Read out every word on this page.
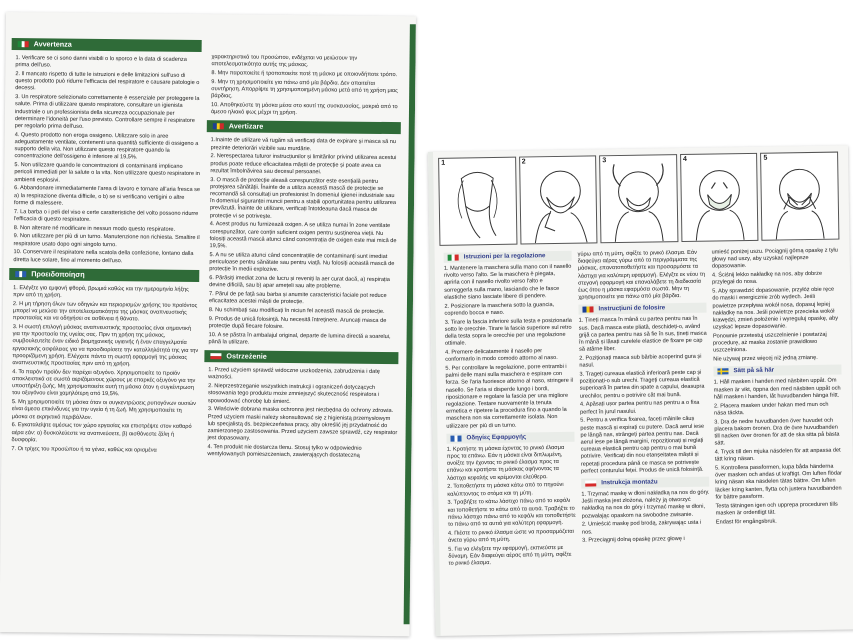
Avvertenza

1. Verificare se ci sono danni visibili o lo sporco e la data di scadenza prima dell'uso.

2. Il mancato rispetto di tutte le istruzioni e delle limitazioni sull'uso di questo prodotto può ridurre l'efficacia del respiratore e causare patologie o decessi.

3. Un respiratore selezionato correttamente è essenziale per proteggere la salute. Prima di utilizzare questo respiratore, consultare un igienista industriale o un professionista della sicurezza occupazionale per determinare l'idoneità per l'uso previsto. Controllare sempre il respiratore per regolarlo prima dell'uso.

4. Questo prodotto non eroga ossigeno. Utilizzare solo in aree adeguatamente ventilate, contenenti una quantità sufficiente di ossigeno a supporto della vita. Non utilizzare questo respiratore quando la concentrazione dell'ossigeno è inferiore al 19,5%.

5. Non utilizzare quando le concentrazioni di contaminanti implicano pericoli immediati per la salute o la vita. Non utilizzare questo respiratore in ambienti esplosivi.

6. Abbandonare immediatamente l'area di lavoro e tornare all'aria fresca se a) la respirazione diventa difficile, o b) se si verificano vertigini o altre forme di malessere.

7. La barba o i peli del viso e certe caratteristiche del volto possono ridurre l'efficacia di questo respiratore.

8. Non alterare né modificare in nessun modo questo respiratore.

9. Non utilizzare per più di un turno. Manutenzione non richiesta. Smaltire il respiratore usato dopo ogni singolo turno.

10. Conservare il respiratore nella scatola della confezione, lontano dalla diretta luce solare, fino al momento dell'uso.

Προειδοποίηση

1. Ελέγξτε για εμφανή φθορά, βρωμιά καθώς και την ημερομηνία λήξης πριν από τη χρήση.

2. Η μη τήρηση όλων των οδηγιών και περιορισμών χρήσης του προϊόντος μπορεί να μειώσει την αποτελεσματικότητα της μάσκας αναπνευστικής προστασίας και να οδηγήσει σε ασθένεια ή θάνατο.

3. Η σωστή επιλογή μάσκας αναπνευστικής προστασίας είναι σημαντική για την προστασία της υγείας σας. Πριν τη χρήση της μάσκας, συμβουλευτείτε έναν ειδικό βιομηχανικής υγιεινής ή έναν επαγγελματία εργασιακής ασφάλειας για να προσδιορίσετε την καταλληλότητά της για την προοριζόμενη χρήση. Ελέγχετε πάντα τη σωστή εφαρμογή της μάσκας αναπνευστικής προστασίας πριν από τη χρήση.

4. Το παρόν προϊόν δεν παρέχει οξυγόνο. Χρησιμοποιείτε το προϊόν αποκλειστικά σε σωστά αεριζόμενους χώρους με επαρκές οξυγόνο για την υποστήριξη ζωής. Μη χρησιμοποιείτε αυτή τη μάσκα όταν η συγκέντρωση του οξυγόνου είναι χαμηλότερη από 19,5%.

5. Μη χρησιμοποιείτε τη μάσκα όταν οι συγκεντρώσεις ρυπογόνων ουσιών είναι άμεσα επικίνδυνες για την υγεία ή τη ζωή. Μη χρησιμοποιείτε τη μάσκα σε εκρηκτικό περιβάλλον.

6. Εγκαταλείψτε αμέσως τον χώρο εργασίας και επιστρέψτε στον καθαρό αέρα εάν: α) δυσκολεύεστε να αναπνεύσετε, β) αισθάνεστε ζάλη ή δυσφορία.

7. Οι τρίχες του προσώπου ή τα γένια, καθώς και ορισμένα

χαρακτηριστικά του προσώπου, ενδέχεται να μειώσουν την αποτελεσματικότητα αυτής της μάσκας.

8. Μην παραποιείτε ή τροποποιείτε ποτέ τη μάσκα με οποιονδήποτε τρόπο.

9. Μην τη χρησιμοποιείτε για πάνω από μία βάρδια. Δεν απαιτείται συντήρηση. Απορρίψτε τη χρησιμοποιημένη μάσκα μετά από τη χρήση μιας βάρδιας.

10. Αποθηκεύστε τη μάσκα μέσα στο κουτί της συσκευασίας, μακριά από το άμεσο ηλιακό φως μέχρι τη χρήση.

Avertizare

1.Inainte de utilizare vă rugăm să verificați data de expirare și masca să nu prezinte deteriorări vizibile sau murdărie.

2. Nerespectarea tuturor instrucțiunilor și limitărilor privind utilizarea acestui produs poate reduce eficacitatea măștii de protecție și poate avea ca rezultat îmbolnăvirea sau decesul persoanei.

3. O mască de protecție aleasă corespunzător este esențială pentru protejarea sănătății. Înainte de a utiliza această mască de protecție se recomandă să consultați un profesionist în domeniul igienei industriale sau în domeniul siguranței muncii pentru a stabili oportunitatea pentru utilizarea prevăzută. Înainte de utilizare, verificați întotdeauna dacă masca de protecție vi se potrivește.

4. Acest produs nu furnizează oxigen. A se utiliza numai în zone ventilate corespunzător, care conțin suficient oxigen pentru susținerea vieții. Nu folosiți această mască atunci când concentrația de oxigen este mai mică de 19,5%.

5. A nu se utiliza atunci când concentrațiile de contaminanți sunt imediat periculoase pentru sănătate sau pentru viață. Nu folosiți această mască de protecție în medii explozive.

6. Părăsiți imediat zona de lucru și reveniți la aer curat dacă, a) respirația devine dificilă, sau b) apar amețeli sau alte probleme.

7. Părul de pe față sau barba și anumite caracteristici faciale pot reduce eficacitatea acestei măști de protecție.

8. Nu schimbați sau modificați în niciun fel această mască de protecție.

9. Produs de unică folosință. Nu necesită întreținere. Aruncați masca de protecție după fiecare folosire.

10. A se păstra în ambalajul original, departe de lumina directă a soarelui, până la utilizare.

Ostrzeżenie

1. Przed użyciem sprawdź widoczne uszkodzenia, zabrudzenia i datę ważności.

2. Nieprzestrzeganie wszystkich instrukcji i ograniczeń dotyczących stosowania tego produktu może zmniejszyć skuteczność respiratora i spowodować chorobę lub śmierć.

3. Właściwie dobrana maska ochronna jest niezbędna do ochrony zdrowia. Przed użyciem maski należy skonsultować się z higienistą przemysłowym lub specjalistą ds. bezpieczeństwa pracy, aby określić jej przydatność do zamierzonego zastosowania. Przed użyciem zawsze sprawdź, czy respirator jest dopasowany.

4. Ten produkt nie dostarcza tlenu. Stosuj tylko w odpowiednio wentylowanych pomieszczeniach, zawierających dostateczną

1	2	3	4	5
Istruzioni per la regolazione

1. Mantenere la maschera sulla mano con il nasello rivolto verso l'alto. Se la maschera è piegata, aprirla con il nasello rivolto verso l'alto e sorreggerla sulla mano, lasciando che le fasce elastiche siano lasciate libere di pendere.

2. Posizionare la maschera sotto la guancia, coprendo bocca e naso.

3. Tirare la fascia inferiore sulla testa e posizionarla sotto le orecchie. Tirare la fascia superiore sul retro della testa sopra le orecchie per una regolazione ottimale.

4. Premere delicatamente il nasello per conformarlo in modo comodo attorno al naso.

5. Per controllare la regolazione, porre entrambi i palmi delle mani sulla maschera e espirare con forza. Se l'aria fuoriesce attorno al naso, stringere il nasello. Se l'aria si disperde lungo i bordi, riposizionare e regolare la fascia per una migliore regolazione. Testare nuovamente la tenuta ermetica e ripetere la procedura fino a quando la maschera non sia correttamente isolata. Non utilizzare per più di un turno.

Οδηγίες Εφαρμογής

1. Κρατήστε τη μάσκα έχοντας το ρινικό έλασμα προς τα επάνω. Εάν η μάσκα είναι διπλωμένη, ανοίξτε την έχοντας το ρινικό έλασμα προς τα επάνω και κρατήστε τη μάσκας αφήνοντας τα λάστιχα κεφαλής να κρέμονται ελεύθερα.

2. Τοποθετήστε τη μάσκα κάτω από το πηγούνι καλύπτοντας το στόμα και τη μύτη.

3. Τραβήξτε το κάτω λάστιχο πάνω από το κεφάλι και τοποθετήστε το κάτω από τα αυτιά. Τραβήξτε το πάνω λάστιχο πάνω από το κεφάλι και τοποθετήστε το πάνω από τα αυτιά για καλύτερη εφαρμογή.

4. Πιέστε το ρινικό έλασμα ώστε να προσαρμόζεται άνετα γύρω από τη μύτη.

5. Για να ελέγξετε την εφαρμογή, εκπνεύστε με δύναμη. Εάν διαφεύγει αέρας από τη μύτη, σφίξτε το ρινικό έλασμα.

γύρω από τη μύτη, σφίξτε το ρινικό έλασμα. Εάν διαφεύγει αέρας γύρω από τα περιγράμματα της μάσκας, επανατοποθετήστε και προσαρμόστε τα λάστιχα για καλύτερη εφαρμογή. Ελέγξτε εκ νέου τη στεγανή εφαρμογή και επαναλάβετε τη διαδικασία έως ότου η μάσκα εφαρμόσει σωστά. Μην τη χρησιμοποιείτε για πάνω από μία βάρδια.

Instrucțiuni de folosire

1. Țineți masca în mână cu partea pentru nas în sus. Dacă masca este pliată, deschideți-o, având grijă ca partea pentru nas să fie în sus, țineți masca în mână și lăsați curelele elastice de fixare pe cap să atârne liber.

2. Poziționați masca sub bărbie acoperind gura și nasul.

3. Trageți cureaua elastică inferioară peste cap și poziționați-o sub urechi. Trageți cureaua elastică superioară în partea din spate a capului, deasupra urechilor, pentru o potrivire cât mai bună.

4. Apăsați ușor partea pentru nas pentru a o fixa perfect în jurul nasului.

5. Pentru a verifica fixarea, faceți mâinile căuș peste mască și expirați cu putere. Dacă aerul iese pe lângă nas, strângeți partea pentru nas. Dacă aerul iese pe lângă margini, repoziționați și reglați cureaua elastică pentru cap pentru o mai bună potrivire. Verificați din nou etanșeitatea măștii și repetați procedura până ce masca se potrivește perfect conturului feței. Produs de unică folosință.

Instrukcja montażu

1. Trzymać maskę w dłoni nakładką na nos do góry. Jeśli maska jest złożona, należy ją otworzyć nakładką na nos do góry i trzymać maskę w dłoni, pozwalając opaskom na swobodne zwisanie.

2. Umieścić maskę pod brodą, zakrywając usta i nos.

3. Przeciągnij dolną opaskę przez głowę i

umieść poniżej uszu. Pociągnij górną opaskę z tyłu głowy nad uszy, aby uzyskać najlepsze dopasowanie.

4. Ściśnij lekko nakładkę na nos, aby dobrze przylegał do nosa.

5. Aby sprawdzić dopasowanie, przyłóż obie ręce do maski i energicznie zrób wydech. Jeśli powietrze przepływa wokół nosa, dopasuj lepiej nakładkę na nos. Jeśli powietrze przecieka wokół krawędzi, zmień położenie i wyreguluj opaskę, aby uzyskać lepsze dopasowanie.

Ponownie przetestuj uszczelnienie i powtarzaj procedurę, aż maska zostanie prawidłowo uszczelniona.

Nie używaj przez więcej niż jedną zmianę.

Sätt på så här

1. Håll masken i handen med näsbiten uppåt. Om masken är vikt, öppna den med näsbiten uppåt och håll masken i handen, låt huvudbanden hänga fritt.

2. Placera masken under hakan med mun och näsa täckta.

3. Dra de nedre huvudbanden över huvudet och placera bakom öronen. Dra de övre huvudbanden till nacken över öronen för att de ska sitta på bästa sätt.

4. Tryck till den mjuka näsdelen för att anpassa det tätt kring näsan.

5. Kontrollera passformen, kupa båda händerna över masken och andas ut kraftigt. Om luften flödar kring näsan ska näsdelen tätas bättre. Om luften läcker kring kanten, flytta och justera huvudbanden för bättre passform.

Testa tätningen igen och upprepa proceduren tills masken är ordentligt tät.

Endast för engångsbruk.
